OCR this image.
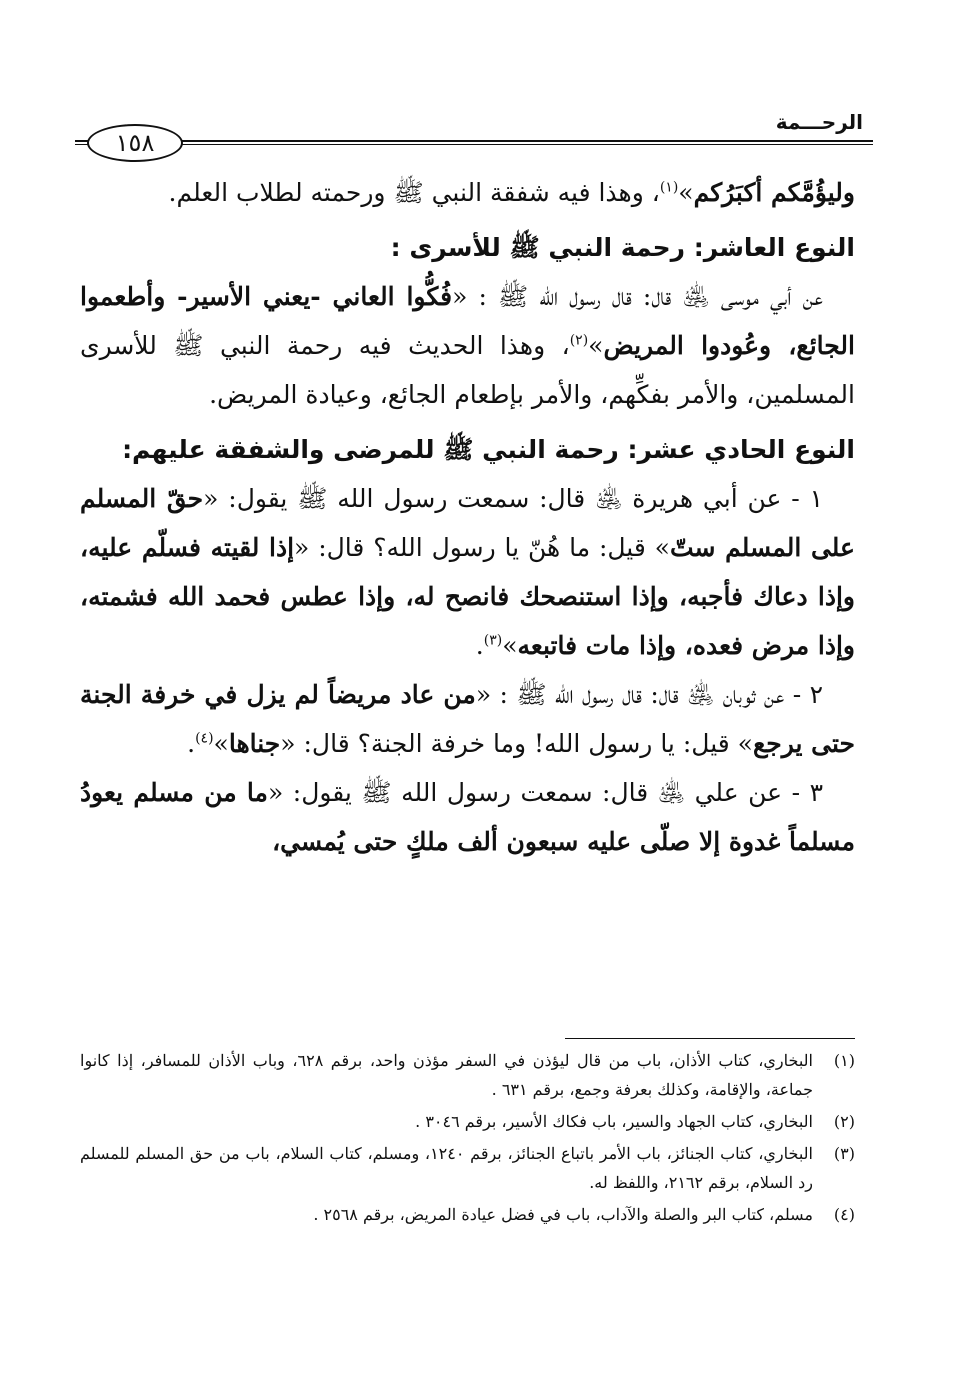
الرحـــمة
١٥٨

وليؤُمَّكم أكبَرُكم»$^{(١)}$، وهذا فيه شفقة النبي ﷺ ورحمته لطلاب العلم.

النوع العاشر: رحمة النبي ﷺ للأسرى :

عن أبي موسى ﵁ قال: قال رسول الله ﷺ : «فُكُّوا العاني -يعني الأسير- وأطعموا الجائع، وعُودوا المريض»$^{(٢)}$، وهذا الحديث فيه رحمة النبي ﷺ للأسرى المسلمين، والأمر بفكِّهم، والأمر بإطعام الجائع، وعيادة المريض.

النوع الحادي عشر: رحمة النبي ﷺ للمرضى والشفقة عليهم:

١ - عن أبي هريرة ﵁ قال: سمعت رسول الله ﷺ يقول: «حقّ المسلم على المسلم ستّ» قيل: ما هُنّ يا رسول الله؟ قال: «إذا لقيته فسلّم عليه، وإذا دعاك فأجبه، وإذا استنصحك فانصح له، وإذا عطس فحمد الله فشمته، وإذا مرض فعده، وإذا مات فاتبعه»$^{(٣)}$.

٢ - عن ثوبان ﵁ قال: قال رسول الله ﷺ : «من عاد مريضاً لم يزل في خرفة الجنة حتى يرجع» قيل: يا رسول الله! وما خرفة الجنة؟ قال: «جناها»$^{(٤)}$.

٣ - عن علي ﵁ قال: سمعت رسول الله ﷺ يقول: «ما من مسلم يعودُ مسلماً غدوة إلا صلّى عليه سبعون ألف ملكٍ حتى يُمسي،

(١)
البخاري، كتاب الأذان، باب من قال ليؤذن في السفر مؤذن واحد، برقم ٦٢٨، وباب الأذان للمسافر، إذا كانوا جماعة، والإقامة، وكذلك بعرفة وجمع، برقم ٦٣١ .
(٢)
البخاري، كتاب الجهاد والسير، باب فكاك الأسير، برقم ٣٠٤٦ .
(٣)
البخاري، كتاب الجنائز، باب الأمر باتباع الجنائز، برقم ١٢٤٠، ومسلم، كتاب السلام، باب من حق المسلم للمسلم رد السلام، برقم ٢١٦٢، واللفظ له.
(٤)
مسلم، كتاب البر والصلة والآداب، باب في فضل عيادة المريض، برقم ٢٥٦٨ .
